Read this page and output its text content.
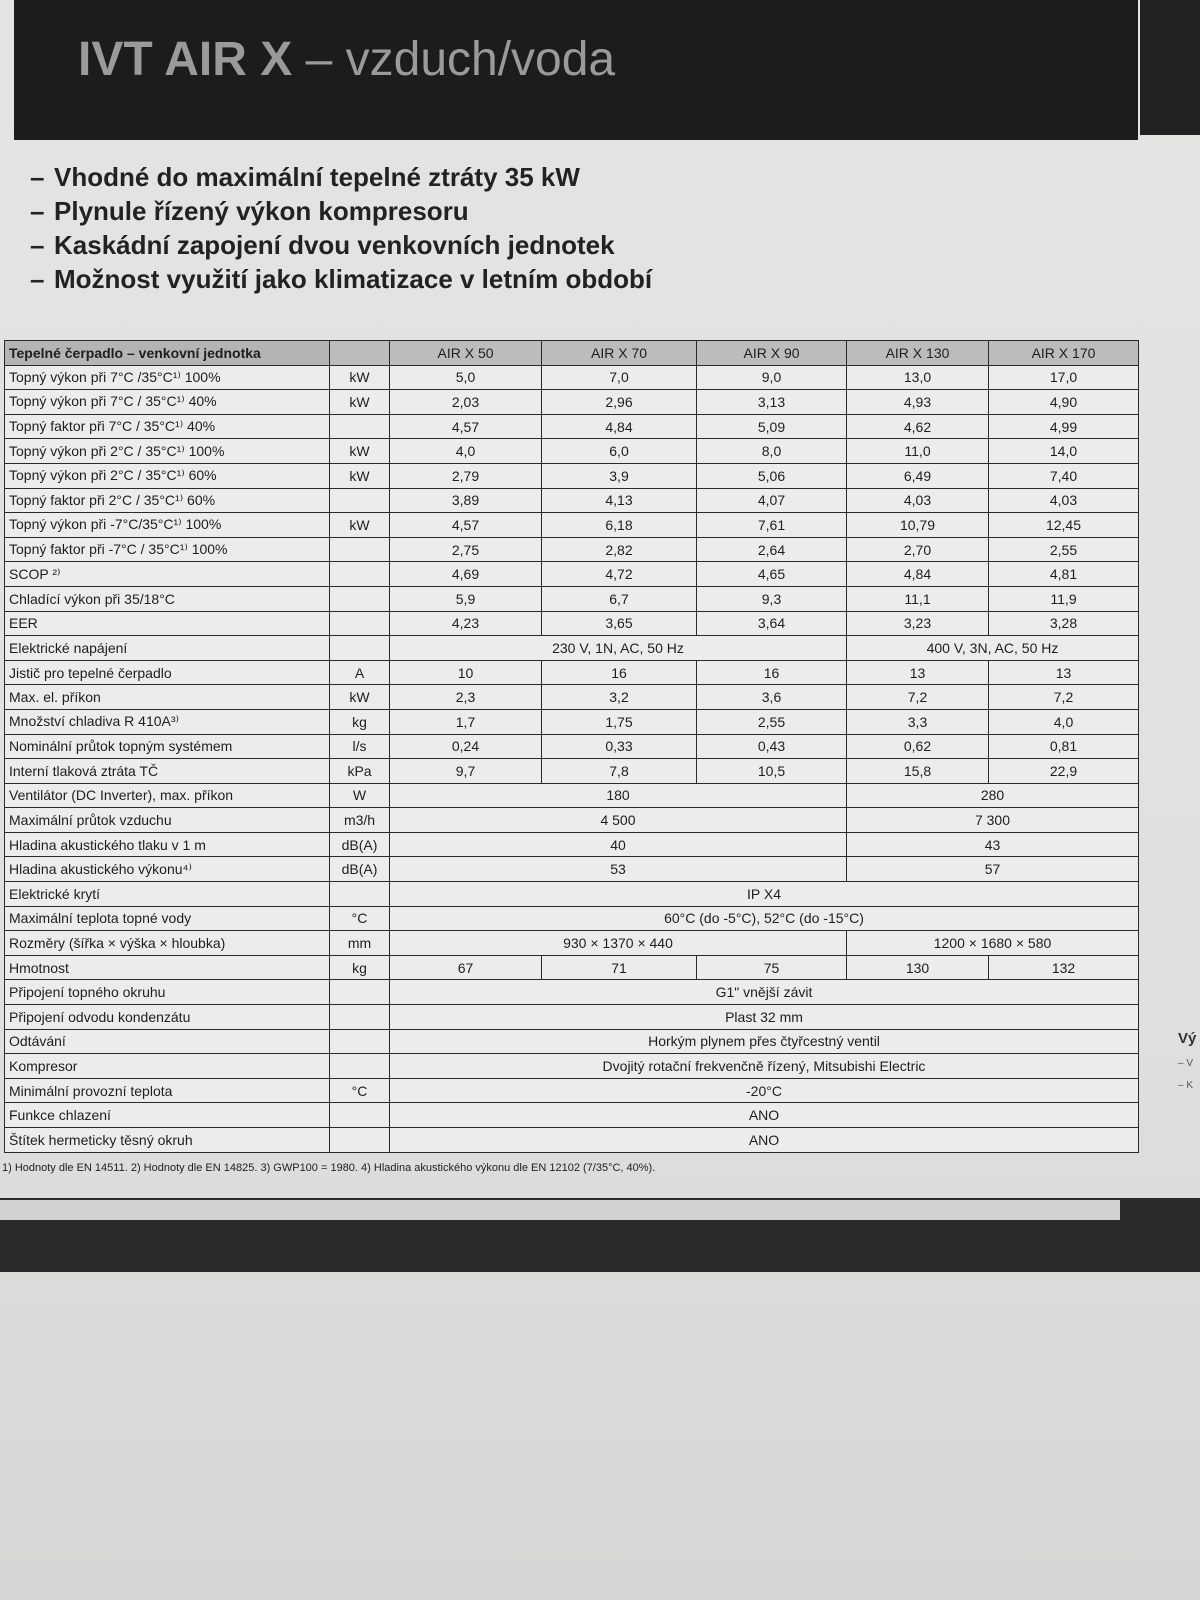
IVT AIR X – vzduch/voda
– Vhodné do maximální tepelné ztráty 35 kW
– Plynule řízený výkon kompresoru
– Kaskádní zapojení dvou venkovních jednotek
– Možnost využití jako klimatizace v letním období
Tepelné čerpadlo – venkovní jednotka		AIR X 50	AIR X 70	AIR X 90	AIR X 130	AIR X 170
Topný výkon při 7°C /35°C¹⁾ 100%	kW	5,0	7,0	9,0	13,0	17,0
Topný výkon při 7°C / 35°C¹⁾ 40%	kW	2,03	2,96	3,13	4,93	4,90
Topný faktor při 7°C / 35°C¹⁾ 40%		4,57	4,84	5,09	4,62	4,99
Topný výkon při 2°C / 35°C¹⁾ 100%	kW	4,0	6,0	8,0	11,0	14,0
Topný výkon při 2°C / 35°C¹⁾ 60%	kW	2,79	3,9	5,06	6,49	7,40
Topný faktor při 2°C / 35°C¹⁾ 60%		3,89	4,13	4,07	4,03	4,03
Topný výkon při -7°C/35°C¹⁾ 100%	kW	4,57	6,18	7,61	10,79	12,45
Topný faktor při -7°C / 35°C¹⁾ 100%		2,75	2,82	2,64	2,70	2,55
SCOP ²⁾		4,69	4,72	4,65	4,84	4,81
Chladící výkon při 35/18°C		5,9	6,7	9,3	11,1	11,9
EER		4,23	3,65	3,64	3,23	3,28
Elektrické napájení		230 V, 1N, AC, 50 Hz			400 V, 3N, AC, 50 Hz	
Jistič pro tepelné čerpadlo	A	10	16	16	13	13
Max. el. příkon	kW	2,3	3,2	3,6	7,2	7,2
Množství chladiva R 410A³⁾	kg	1,7	1,75	2,55	3,3	4,0
Nominální průtok topným systémem	l/s	0,24	0,33	0,43	0,62	0,81
Interní tlaková ztráta TČ	kPa	9,7	7,8	10,5	15,8	22,9
Ventilátor (DC Inverter), max. příkon	W	180			280	
Maximální průtok vzduchu	m3/h	4 500			7 300	
Hladina akustického tlaku v 1 m	dB(A)	40			43	
Hladina akustického výkonu⁴⁾	dB(A)	53			57	
Elektrické krytí		IP X4				
Maximální teplota topné vody	°C	60°C (do -5°C), 52°C (do -15°C)				
Rozměry (šířka × výška × hloubka)	mm	930 × 1370 × 440			1200 × 1680 × 580	
Hmotnost	kg	67	71	75	130	132
Připojení topného okruhu		G1" vnější závit				
Připojení odvodu kondenzátu		Plast 32 mm				
Odtávání		Horkým plynem přes čtyřcestný ventil				
Kompresor		Dvojitý rotační frekvenčně řízený, Mitsubishi Electric				
Minimální provozní teplota	°C	-20°C				
Funkce chlazení		ANO				
Štítek hermeticky těsný okruh		ANO				
1) Hodnoty dle EN 14511. 2) Hodnoty dle EN 14825. 3) GWP100 = 1980. 4) Hladina akustického výkonu dle EN 12102 (7/35°C, 40%).
Vý
– V
– K
